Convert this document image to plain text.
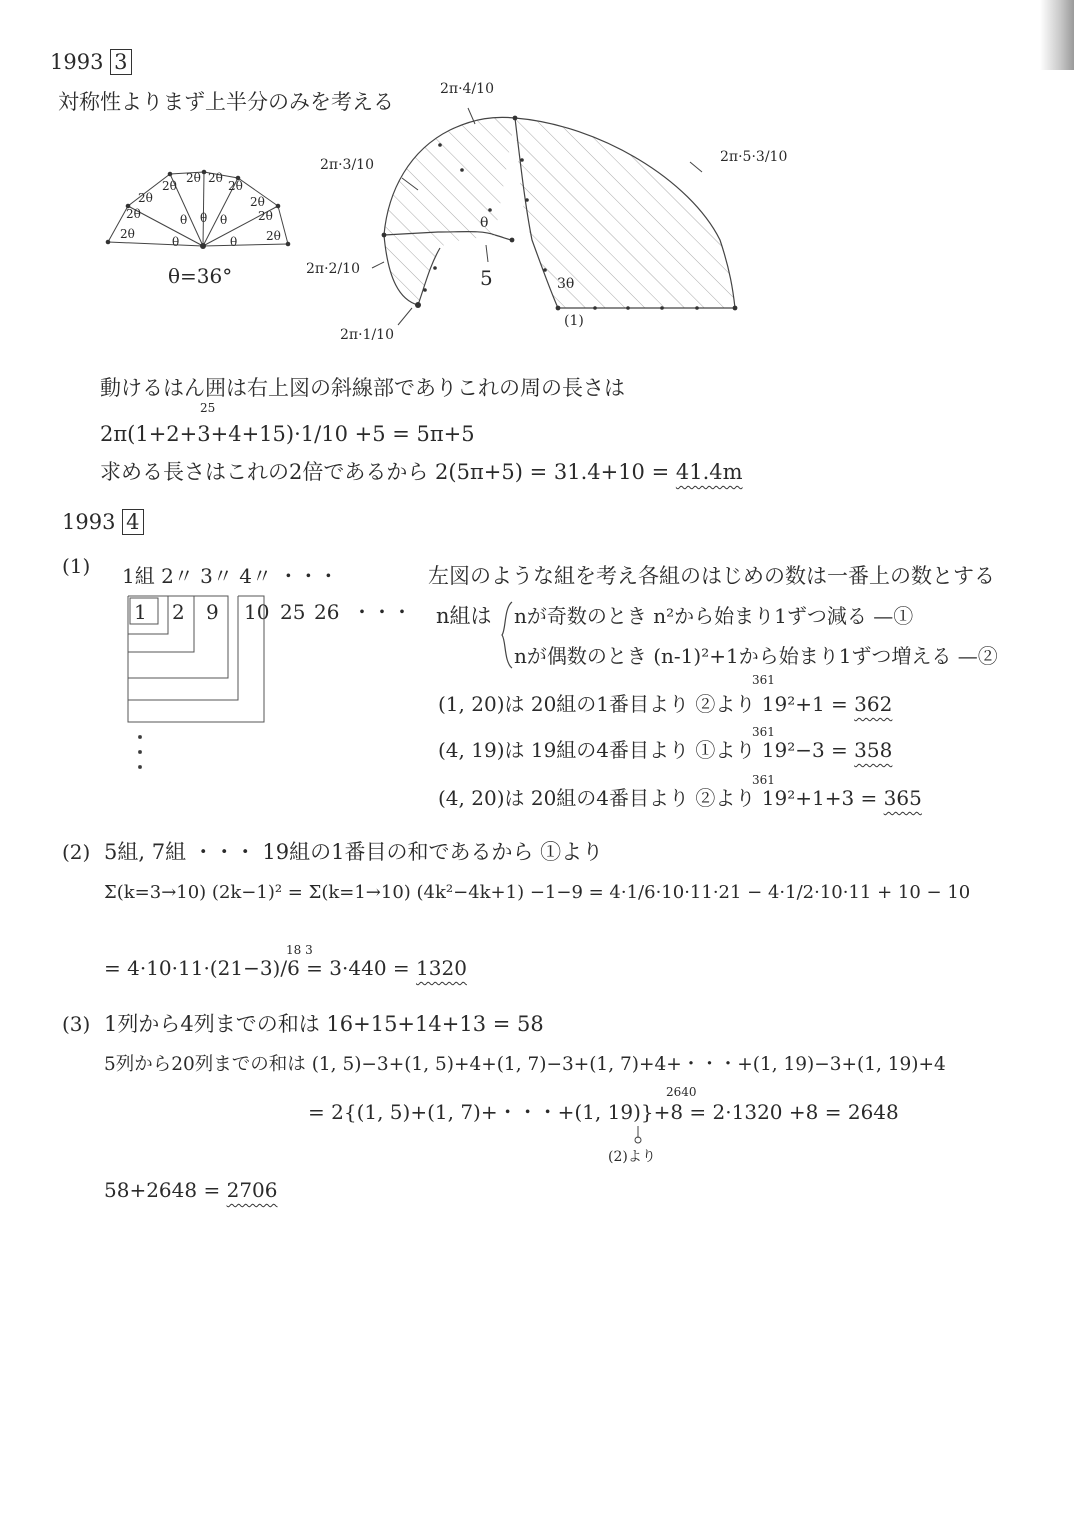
1993 3
対称性よりまず上半分のみを考える
2θ
2θ
2θ
2θ
2θ 2θ
2θ
2θ
2θ
2θ
θ
θ θ θ
θ
θ=36°
2π·4/10
2π·3/10	2π·5·3/10
2π·2/10
2π·1/10
5
θ
3θ
(1)
25
動けるはん囲は右上図の斜線部でありこれの周の長さは
2π(1+2+3+4+15)·1/10 +5 = 5π+5
求める長さはこれの2倍であるから 2(5π+5) = 31.4+10 = 41.4m
1993 4
(1) 1組 2〃 3〃 4〃 ・・・
1 2 9 10 25 26 ・・・
左図のような組を考え各組のはじめの数は一番上の数とする
n組は nが奇数のとき n²から始まり1ずつ減る —①
nが偶数のとき (n-1)²+1から始まり1ずつ増える —②
361
(1, 20)は 20組の1番目より ②より 19²+1 = 362
361
(4, 19)は 19組の4番目より ①より 19²−3 = 358
361
(4, 20)は 20組の4番目より ②より 19²+1+3 = 365
(2) 5組, 7組 ・・・ 19組の1番目の和であるから ①より
Σ(k=3→10) (2k−1)² = Σ(k=1→10) (4k²−4k+1) −1−9 = 4·1/6·10·11·21 − 4·1/2·10·11 + 10 − 10
18 3
= 4·10·11·(21−3)/6 = 3·440 = 1320
(3) 1列から4列までの和は 16+15+14+13 = 58
5列から20列までの和は (1, 5)−3+(1, 5)+4+(1, 7)−3+(1, 7)+4+・・・+(1, 19)−3+(1, 19)+4
2640
= 2{(1, 5)+(1, 7)+・・・+(1, 19)}+8 = 2·1320 +8 = 2648
(2)より
58+2648 = 2706
